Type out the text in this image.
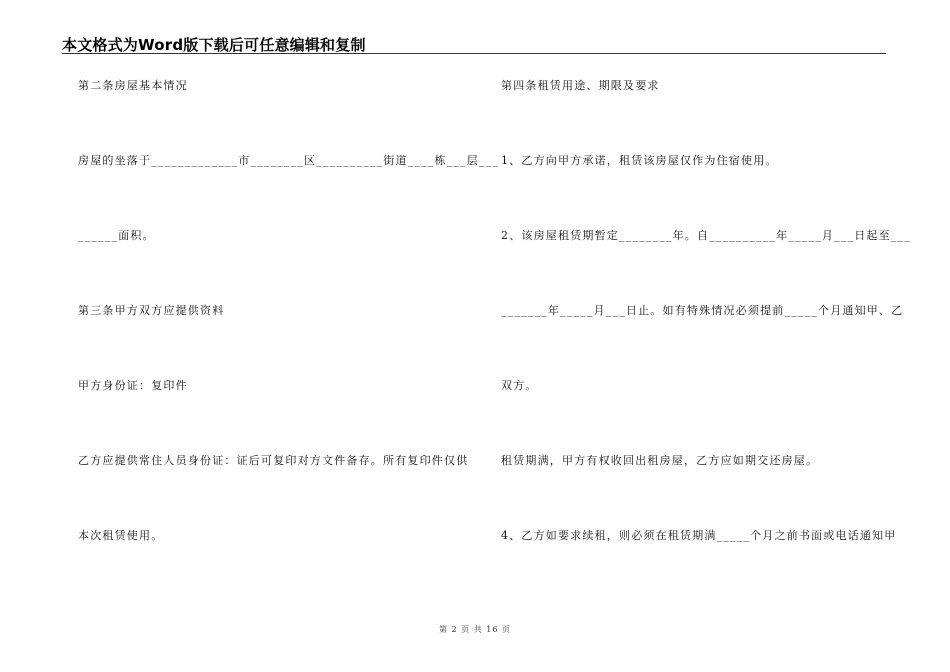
本文格式为Word版下载后可任意编辑和复制
第二条房屋基本情况
房屋的坐落于_____________市________区__________街道____栋___层___
______面积。
第三条甲方双方应提供资料
甲方身份证：复印件
乙方应提供常住人员身份证：证后可复印对方文件备存。所有复印件仅供
本次租赁使用。
第四条租赁用途、期限及要求
1、乙方向甲方承诺，租赁该房屋仅作为住宿使用。
2、该房屋租赁期暂定________年。自__________年_____月___日起至___
_______年_____月___日止。如有特殊情况必须提前_____个月通知甲、乙
双方。
租赁期满，甲方有权收回出租房屋，乙方应如期交还房屋。
4、乙方如要求续租，则必须在租赁期满_____个月之前书面或电话通知甲
第 2 页 共 16 页
